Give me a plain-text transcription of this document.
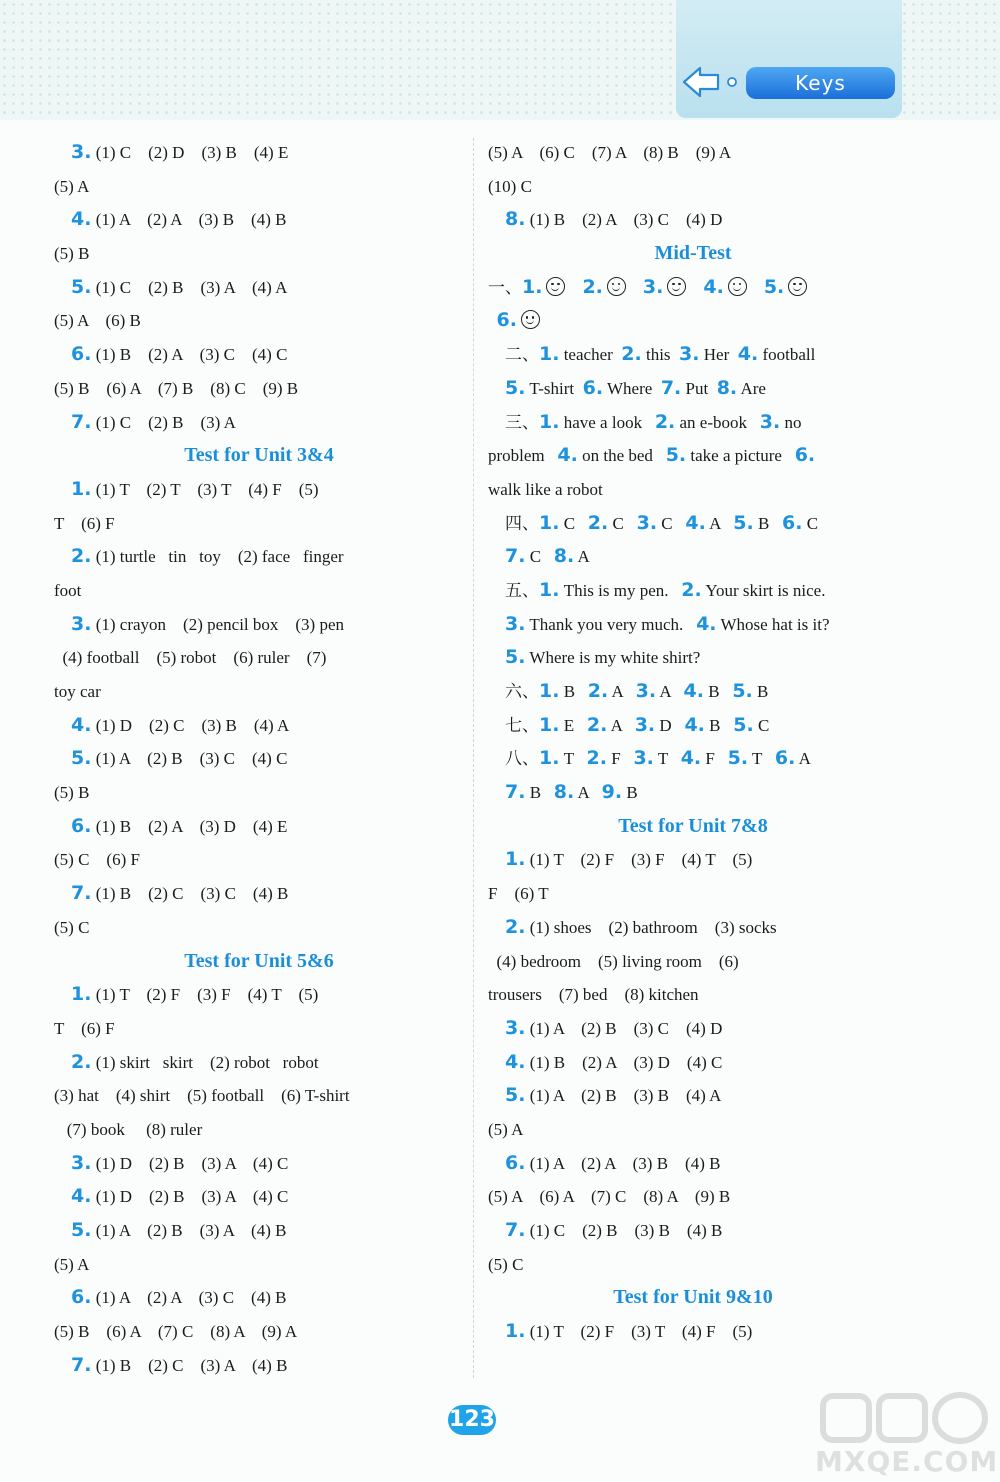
Keys
3. (1) C    (2) D    (3) B    (4) E
(5) A
4. (1) A    (2) A    (3) B    (4) B
(5) B
5. (1) C    (2) B    (3) A    (4) A
(5) A    (6) B
6. (1) B    (2) A    (3) C    (4) C
(5) B    (6) A    (7) B    (8) C    (9) B
7. (1) C    (2) B    (3) A
Test for Unit 3&4
1. (1) T    (2) T    (3) T    (4) F    (5)
T    (6) F
2. (1) turtle   tin   toy    (2) face   finger
foot
3. (1) crayon    (2) pencil box    (3) pen
(4) football    (5) robot    (6) ruler    (7)
toy car
4. (1) D    (2) C    (3) B    (4) A
5. (1) A    (2) B    (3) C    (4) C
(5) B
6. (1) B    (2) A    (3) D    (4) E
(5) C    (6) F
7. (1) B    (2) C    (3) C    (4) B
(5) C
Test for Unit 5&6
1. (1) T    (2) F    (3) F    (4) T    (5)
T    (6) F
2. (1) skirt   skirt    (2) robot   robot
(3) hat    (4) shirt    (5) football    (6) T-shirt
(7) book     (8) ruler
3. (1) D    (2) B    (3) A    (4) C
4. (1) D    (2) B    (3) A    (4) C
5. (1) A    (2) B    (3) A    (4) B
(5) A
6. (1) A    (2) A    (3) C    (4) B
(5) B    (6) A    (7) C    (8) A    (9) A
7. (1) B    (2) C    (3) A    (4) B
(5) A    (6) C    (7) A    (8) B    (9) A
(10) C
8. (1) B    (2) A    (3) C    (4) D
Mid-Test
一、1. 2. 3. 4. 5.
6.
二、1. teacher  2. this  3. Her  4. football
5. T-shirt  6. Where  7. Put  8. Are
三、1. have a look   2. an e-book   3. no
problem   4. on the bed   5. take a picture   6.
walk like a robot
四、1. C   2. C   3. C   4. A   5. B   6. C
7. C   8. A
五、1. This is my pen.   2. Your skirt is nice.
3. Thank you very much.   4. Whose hat is it?
5. Where is my white shirt?
六、1. B   2. A   3. A   4. B   5. B
七、1. E   2. A   3. D   4. B   5. C
八、1. T   2. F   3. T   4. F   5. T   6. A
7. B   8. A   9. B
Test for Unit 7&8
1. (1) T    (2) F    (3) F    (4) T    (5)
F    (6) T
2. (1) shoes    (2) bathroom    (3) socks
(4) bedroom    (5) living room    (6)
trousers    (7) bed    (8) kitchen
3. (1) A    (2) B    (3) C    (4) D
4. (1) B    (2) A    (3) D    (4) C
5. (1) A    (2) B    (3) B    (4) A
(5) A
6. (1) A    (2) A    (3) B    (4) B
(5) A    (6) A    (7) C    (8) A    (9) B
7. (1) C    (2) B    (3) B    (4) B
(5) C
Test for Unit 9&10
1. (1) T    (2) F    (3) T    (4) F    (5)
123
MXQE.COM
